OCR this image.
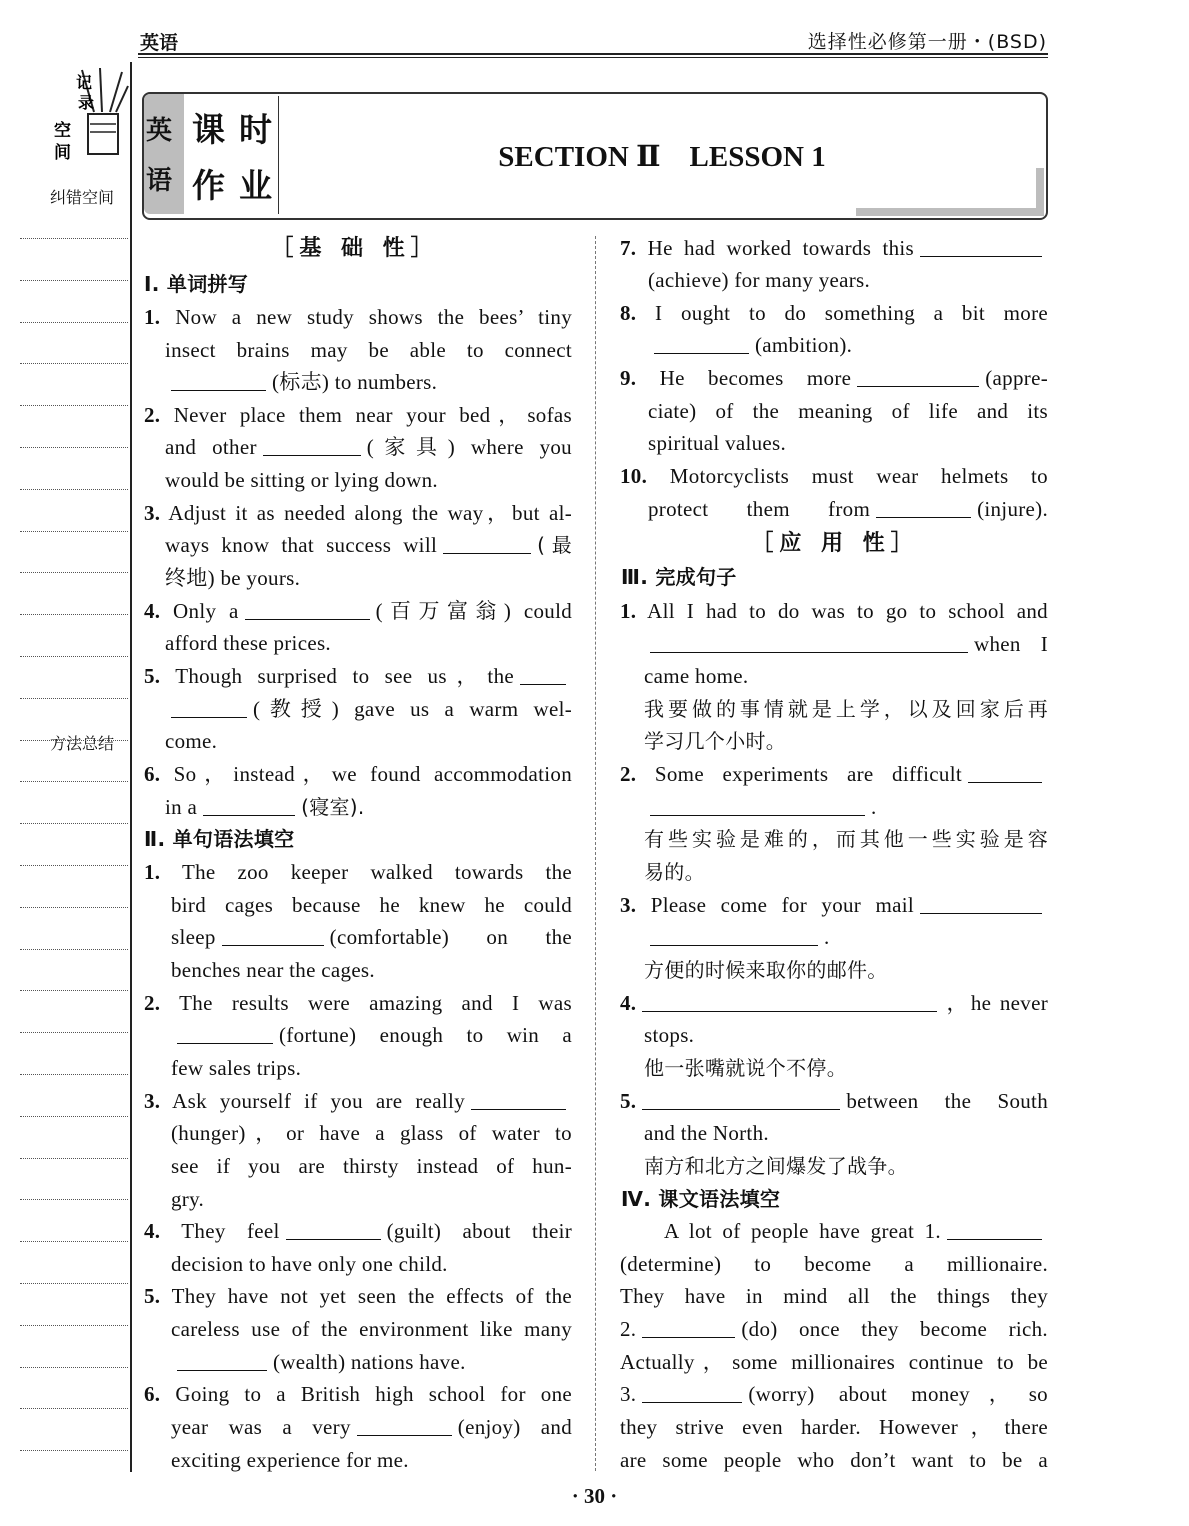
英语	选择性必修第一册・(BSD)
空
间
记
录
纠错空间
方法总结
英
语
课时
作业
SECTION Ⅱ　LESSON 1
［基 础 性］
Ⅰ. 单词拼写
Ⅱ. 单句语法填空
［应 用 性］
Ⅲ. 完成句子
Ⅳ. 课文语法填空
1. Now a new study shows the bees’ tiny
insect brains may be able to connect
(标志) to numbers.
2. Never place them near your bed，sofas
and other	(家具) where you
would be sitting or lying down.
3. Adjust it as needed along the way，but al-
ways know that success will	(最
终地) be yours.
4. Only a	(百万富翁) could
afford these prices.
5. Though surprised to see us，the
(教授) gave us a warm wel-
come.
6. So，instead，we found accommodation
in a	(寝室).
1. The zoo keeper walked towards the
bird cages because he knew he could
sleep	(comfortable) on the
benches near the cages.
2. The results were amazing and I was
(fortune) enough to win a
few sales trips.
3. Ask yourself if you are really
(hunger)，or have a glass of water to
see if you are thirsty instead of hun-
gry.
4. They feel	(guilt) about their
decision to have only one child.
5. They have not yet seen the effects of the
careless use of the environment like many
(wealth) nations have.
6. Going to a British high school for one
year was a very	(enjoy) and
exciting experience for me.
7. He had worked towards this
(achieve) for many years.
8. I ought to do something a bit more
(ambition).
9. He becomes more	(appre-
ciate) of the meaning of life and its
spiritual values.
10. Motorcyclists must wear helmets to
protect them from	(injure).
1. All I had to do was to go to school and
when I
came home.
我要做的事情就是上学，以及回家后再
学习几个小时。
2. Some experiments are difficult
.
有些实验是难的，而其他一些实验是容
易的。
3. Please come for your mail
.
方便的时候来取你的邮件。
4.	，he never
stops.
他一张嘴就说个不停。
5.	between the South
and the North.
南方和北方之间爆发了战争。
A lot of people have great 1.
(determine) to become a millionaire.
They have in mind all the things they
2.	(do) once they become rich.
Actually，some millionaires continue to be
3.	(worry) about money，so
they strive even harder. However，there
are some people who don’t want to be a
· 30 ·
